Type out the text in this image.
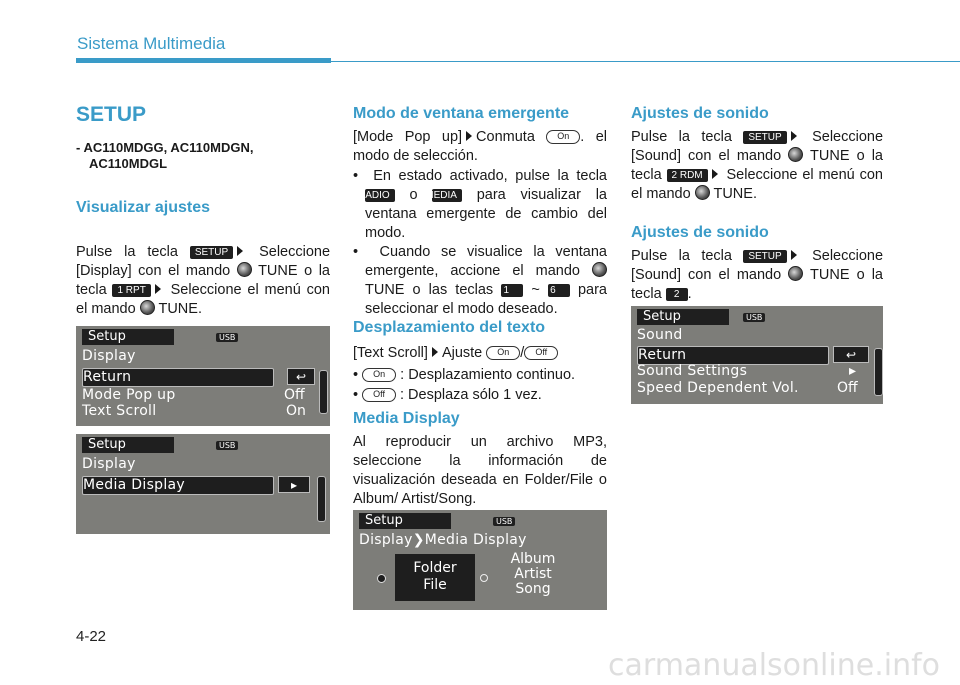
Sistema Multimedia
SETUP
- AC110MDGG, AC110MDGN,
AC110MDGL
Visualizar ajustes
Pulse la tecla SETUP Seleccione [Display] con el mando TUNE o la tecla 1 RPT Seleccione el menú con el mando TUNE.
Setup	USB
Display
Return	↩
Mode Pop up	Off
Text Scroll	On
Setup	USB
Display
Media Display	▸
Modo de ventana emergente
[Mode Pop up] Conmuta On . el modo de selección.
•  En estado activado, pulse la tecla RADIO o MEDIA para visualizar la ventana emergente de cambio del modo.
•  Cuando se visualice la ventana emergente, accione el mando  TUNE o las teclas 1 ~ 6 para seleccionar el modo deseado.
Desplazamiento del texto
[Text Scroll] Ajuste On / Off
• On : Desplazamiento continuo.
• Off : Desplaza sólo 1 vez.
Media Display
Al reproducir un archivo MP3, seleccione la información de visualización deseada en Folder/File o Album/ Artist/Song.
Setup	USB
Display❯Media Display
Folder
File
Album
Artist
Song
Ajustes de sonido
Pulse la tecla SETUP Seleccione [Sound] con el mando TUNE o la tecla 2 RDM Seleccione el menú con el mando TUNE.
Ajustes de sonido
Pulse la tecla SETUP Seleccione [Sound] con el mando TUNE o la tecla 2 .
Setup	USB
Sound
Return	↩
Sound Settings	▸
Speed Dependent Vol.	Off
4-22
carmanualsonline.info
